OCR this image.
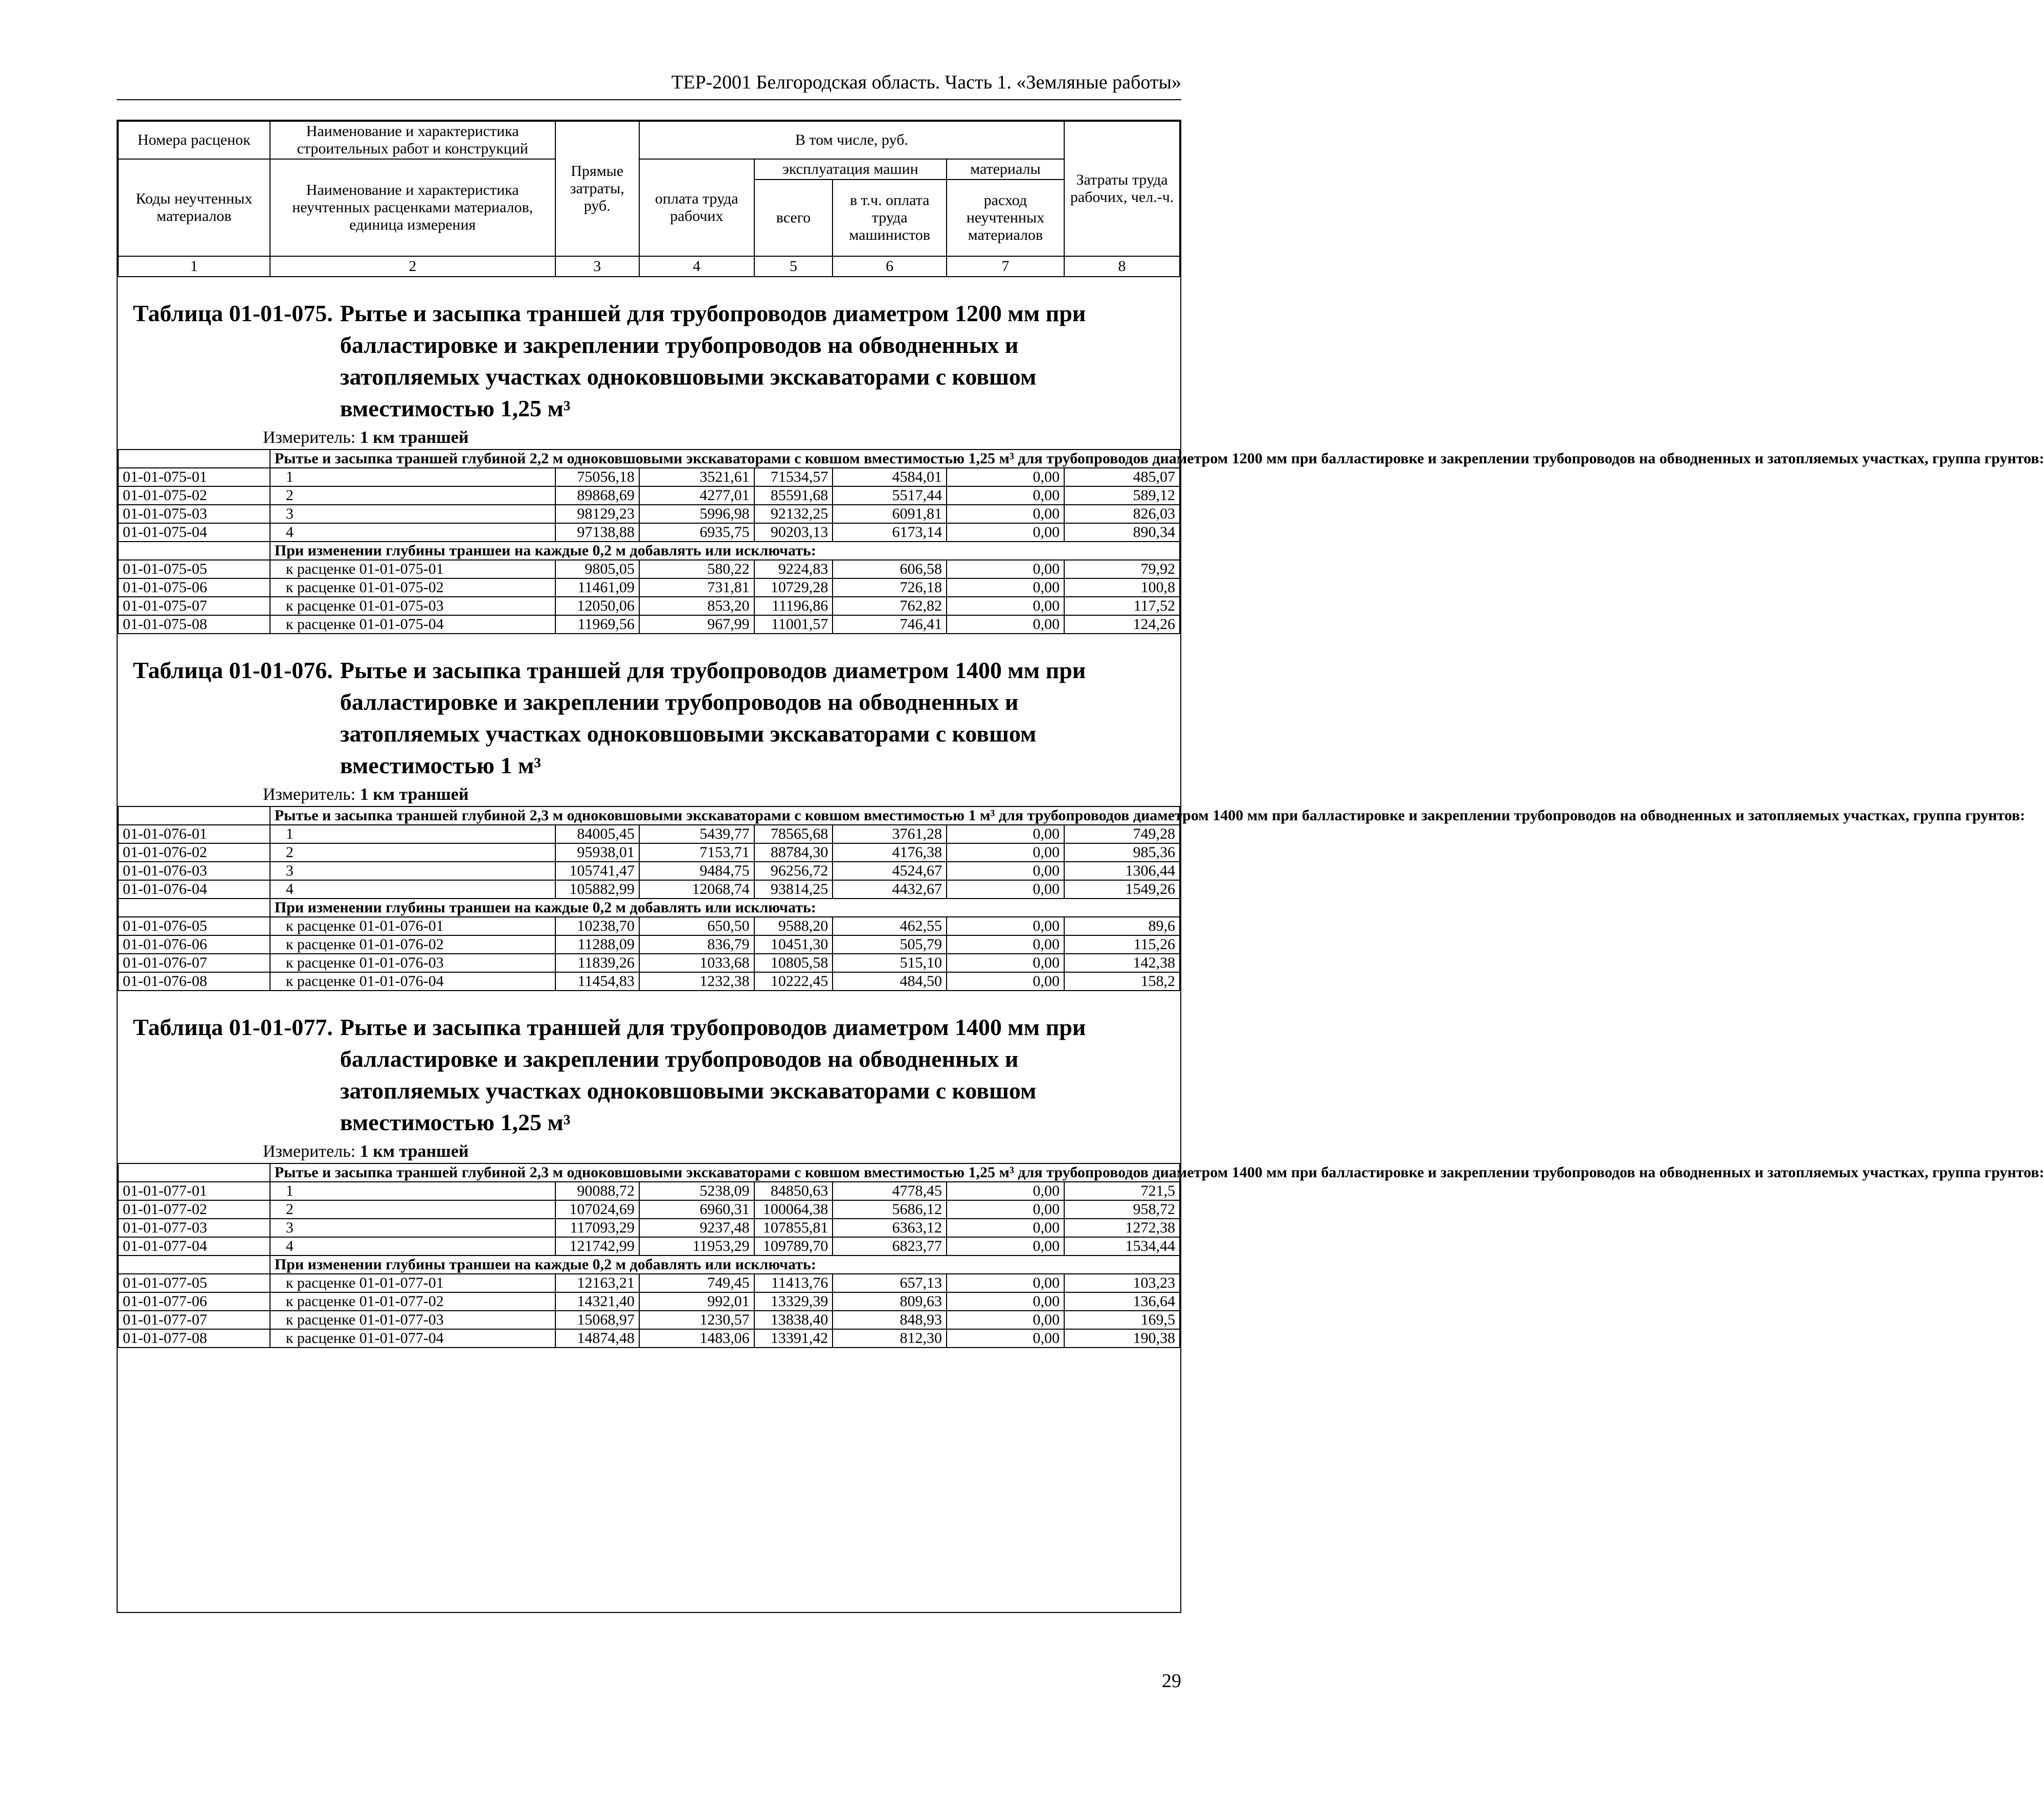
ТЕР-2001 Белгородская область. Часть 1. «Земляные работы»
Номера расценок	Наименование и характеристика строительных работ и конструкций	Прямые затраты, руб.	В том числе, руб.				Затраты труда рабочих, чел.-ч.
Коды неучтенных материалов	Наименование и характеристика неучтенных расценками материалов, единица измерения		оплата труда рабочих	эксплуатация машин		материалы	
				всего	в т.ч. оплата труда машинистов	расход неучтенных материалов	
1	2	3	4	5	6	7	8
Таблица 01-01-075. Рытье и засыпка траншей для трубопроводов диаметром 1200 мм при балластировке и закреплении трубопроводов на обводненных и затопляемых участках одноковшовыми экскаваторами с ковшом вместимостью 1,25 м³
Измеритель: 1 км траншей
	Рытье и засыпка траншей глубиной 2,2 м одноковшовыми экскаваторами с ковшом вместимостью 1,25 м³ для трубопроводов диаметром 1200 мм при балластировке и закреплении трубопроводов на обводненных и затопляемых участках, группа грунтов:						
01-01-075-01	1	75056,18	3521,61	71534,57	4584,01	0,00	485,07
01-01-075-02	2	89868,69	4277,01	85591,68	5517,44	0,00	589,12
01-01-075-03	3	98129,23	5996,98	92132,25	6091,81	0,00	826,03
01-01-075-04	4	97138,88	6935,75	90203,13	6173,14	0,00	890,34
	При изменении глубины траншеи на каждые 0,2 м добавлять или исключать:						
01-01-075-05	к расценке 01-01-075-01	9805,05	580,22	9224,83	606,58	0,00	79,92
01-01-075-06	к расценке 01-01-075-02	11461,09	731,81	10729,28	726,18	0,00	100,8
01-01-075-07	к расценке 01-01-075-03	12050,06	853,20	11196,86	762,82	0,00	117,52
01-01-075-08	к расценке 01-01-075-04	11969,56	967,99	11001,57	746,41	0,00	124,26
Таблица 01-01-076. Рытье и засыпка траншей для трубопроводов диаметром 1400 мм при балластировке и закреплении трубопроводов на обводненных и затопляемых участках одноковшовыми экскаваторами с ковшом вместимостью 1 м³
Измеритель: 1 км траншей
	Рытье и засыпка траншей глубиной 2,3 м одноковшовыми экскаваторами с ковшом вместимостью 1 м³ для трубопроводов диаметром 1400 мм при балластировке и закреплении трубопроводов на обводненных и затопляемых участках, группа грунтов:						
01-01-076-01	1	84005,45	5439,77	78565,68	3761,28	0,00	749,28
01-01-076-02	2	95938,01	7153,71	88784,30	4176,38	0,00	985,36
01-01-076-03	3	105741,47	9484,75	96256,72	4524,67	0,00	1306,44
01-01-076-04	4	105882,99	12068,74	93814,25	4432,67	0,00	1549,26
	При изменении глубины траншеи на каждые 0,2 м добавлять или исключать:						
01-01-076-05	к расценке 01-01-076-01	10238,70	650,50	9588,20	462,55	0,00	89,6
01-01-076-06	к расценке 01-01-076-02	11288,09	836,79	10451,30	505,79	0,00	115,26
01-01-076-07	к расценке 01-01-076-03	11839,26	1033,68	10805,58	515,10	0,00	142,38
01-01-076-08	к расценке 01-01-076-04	11454,83	1232,38	10222,45	484,50	0,00	158,2
Таблица 01-01-077. Рытье и засыпка траншей для трубопроводов диаметром 1400 мм при балластировке и закреплении трубопроводов на обводненных и затопляемых участках одноковшовыми экскаваторами с ковшом вместимостью 1,25 м³
Измеритель: 1 км траншей
	Рытье и засыпка траншей глубиной 2,3 м одноковшовыми экскаваторами с ковшом вместимостью 1,25 м³ для трубопроводов диаметром 1400 мм при балластировке и закреплении трубопроводов на обводненных и затопляемых участках, группа грунтов:						
01-01-077-01	1	90088,72	5238,09	84850,63	4778,45	0,00	721,5
01-01-077-02	2	107024,69	6960,31	100064,38	5686,12	0,00	958,72
01-01-077-03	3	117093,29	9237,48	107855,81	6363,12	0,00	1272,38
01-01-077-04	4	121742,99	11953,29	109789,70	6823,77	0,00	1534,44
	При изменении глубины траншеи на каждые 0,2 м добавлять или исключать:						
01-01-077-05	к расценке 01-01-077-01	12163,21	749,45	11413,76	657,13	0,00	103,23
01-01-077-06	к расценке 01-01-077-02	14321,40	992,01	13329,39	809,63	0,00	136,64
01-01-077-07	к расценке 01-01-077-03	15068,97	1230,57	13838,40	848,93	0,00	169,5
01-01-077-08	к расценке 01-01-077-04	14874,48	1483,06	13391,42	812,30	0,00	190,38
29
